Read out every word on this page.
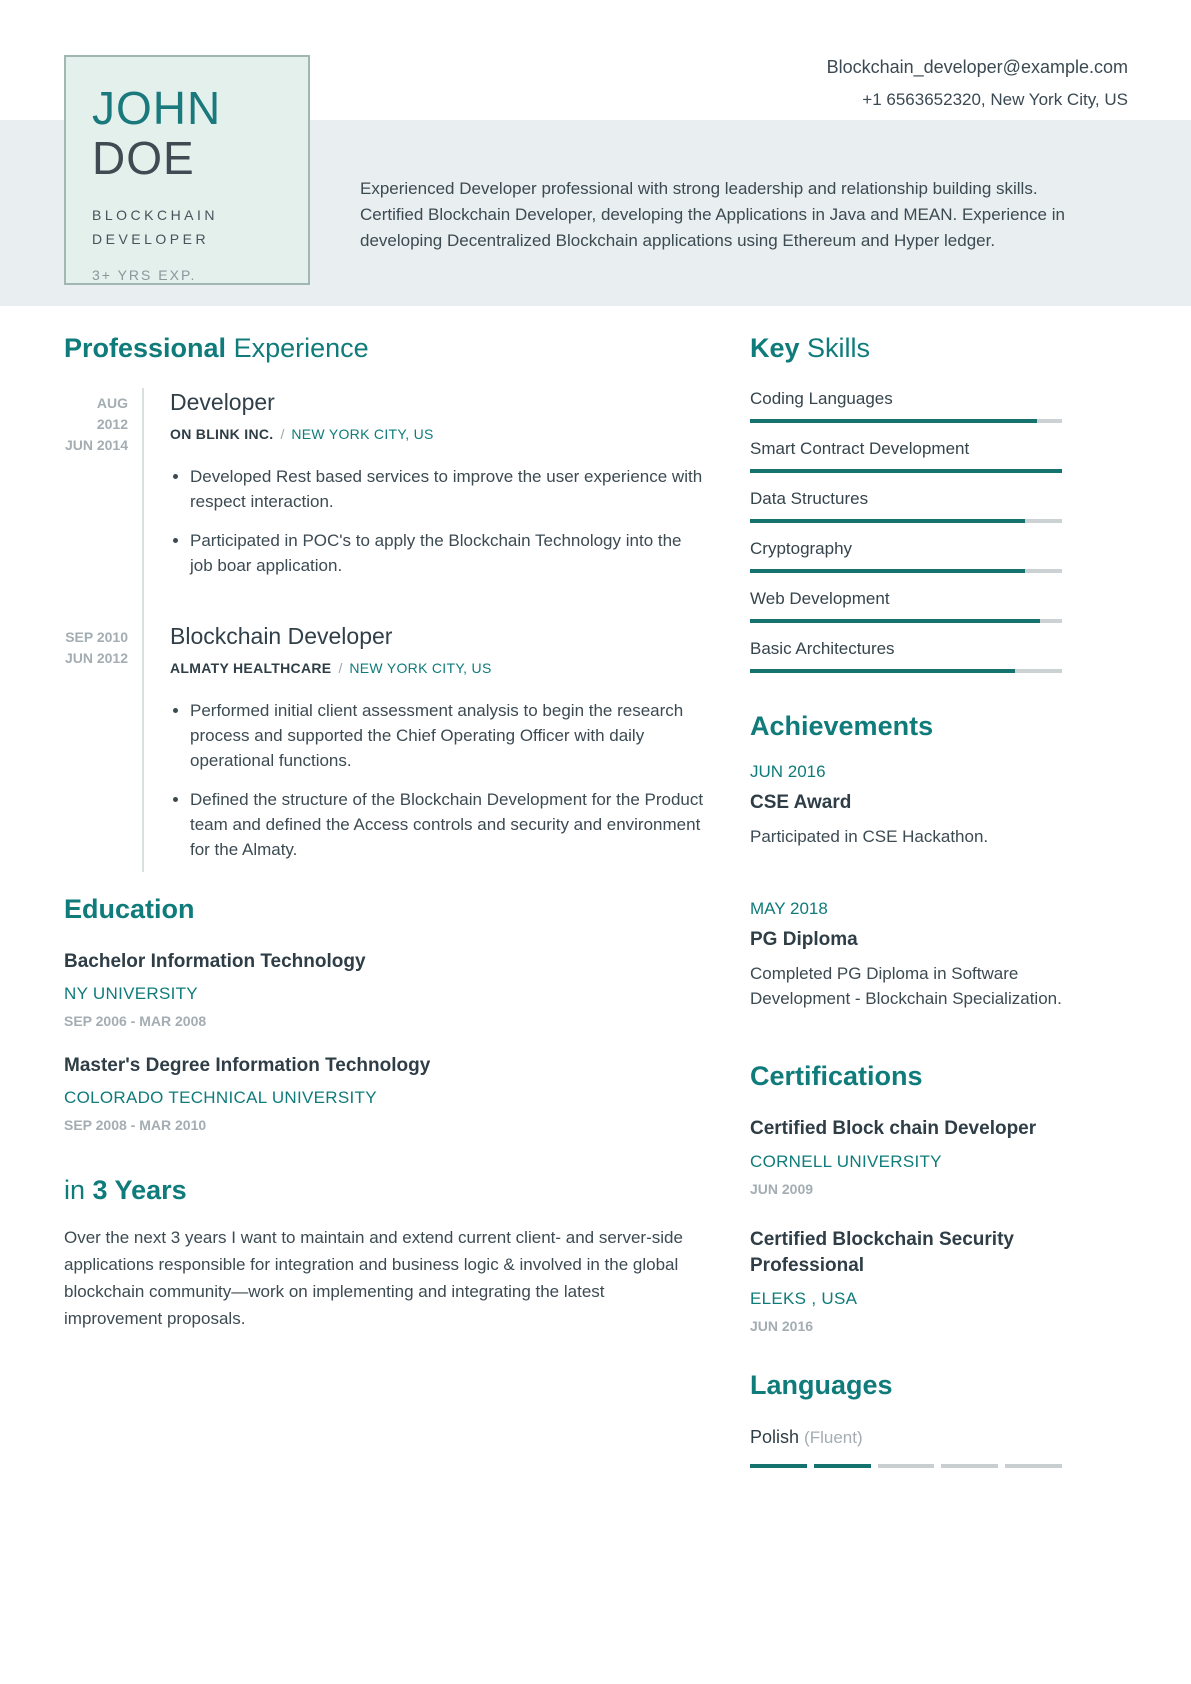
Blockchain_developer@example.com
+1 6563652320, New York City, US
JOHN
DOE
BLOCKCHAIN
DEVELOPER
3+ YRS EXP.

Experienced Developer professional with strong leadership and relationship building skills. Certified Blockchain Developer, developing the Applications in Java and MEAN. Experience in developing Decentralized Blockchain applications using Ethereum and Hyper ledger.

Professional Experience
AUG 2012
JUN 2014
Developer
ON BLINK INC. / NEW YORK CITY, US
• Developed Rest based services to improve the user experience with respect interaction.
• Participated in POC's to apply the Blockchain Technology into the job boar application.
SEP 2010
JUN 2012
Blockchain Developer
ALMATY HEALTHCARE / NEW YORK CITY, US
• Performed initial client assessment analysis to begin the research process and supported the Chief Operating Officer with daily operational functions.
• Defined the structure of the Blockchain Development for the Product team and defined the Access controls and security and environment for the Almaty.
Education
Bachelor Information Technology
NY UNIVERSITY
SEP 2006 - MAR 2008
Master's Degree Information Technology
COLORADO TECHNICAL UNIVERSITY
SEP 2008 - MAR 2010
in 3 Years

Over the next 3 years I want to maintain and extend current client- and server-side applications responsible for integration and business logic & involved in the global blockchain community—work on implementing and integrating the latest improvement proposals.

Key Skills
Coding Languages
Smart Contract Development
Data Structures
Cryptography
Web Development
Basic Architectures
Achievements
JUN 2016
CSE Award
Participated in CSE Hackathon.
MAY 2018
PG Diploma
Completed PG Diploma in Software Development - Blockchain Specialization.
Certifications
Certified Block chain Developer
CORNELL UNIVERSITY
JUN 2009
Certified Blockchain Security Professional
ELEKS , USA
JUN 2016
Languages
Polish (Fluent)
